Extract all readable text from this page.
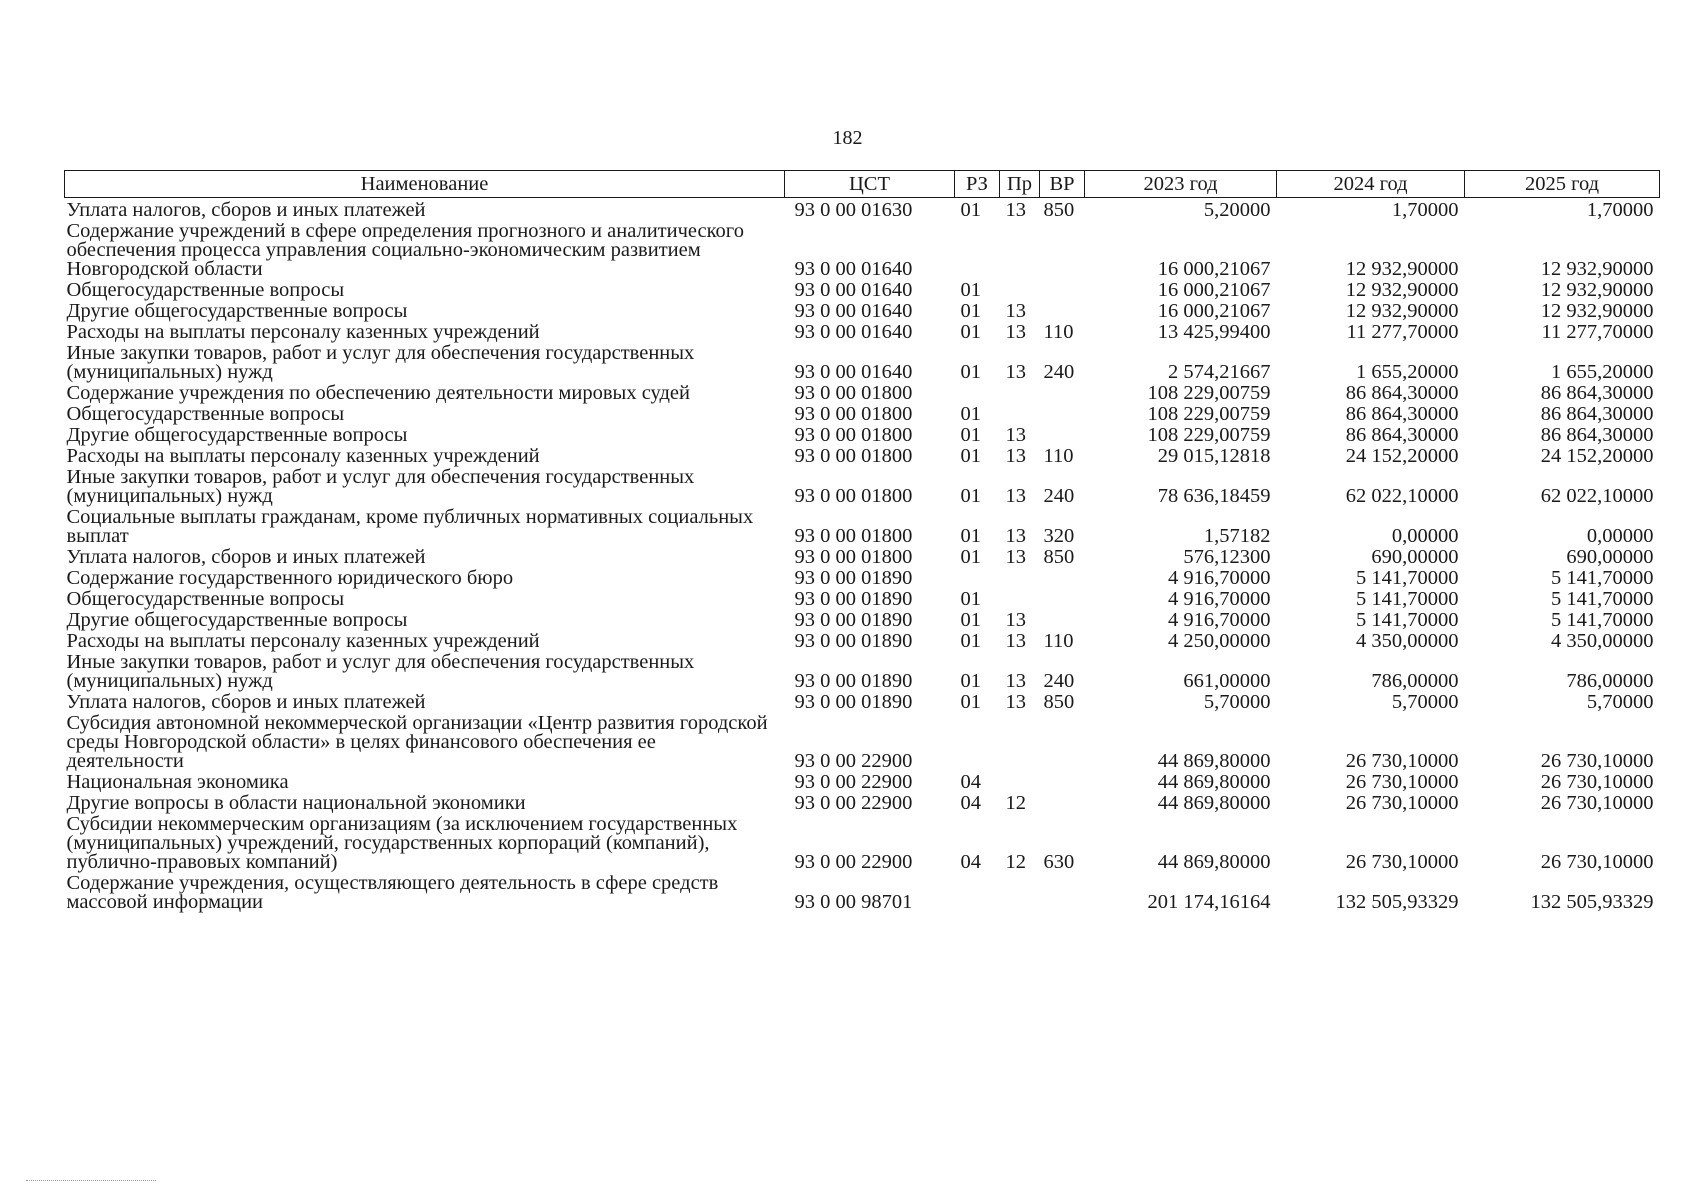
182
Наименование	ЦСТ	РЗ	Пр	ВР	2023 год	2024 год	2025 год
Уплата налогов, сборов и иных платежей	93 0 00 01630	01	13	850	5,20000	1,70000	1,70000
Содержание учреждений в сфере определения прогнозного и аналитического обеспечения процесса управления социально-экономическим развитием Новгородской области	93 0 00 01640				16 000,21067	12 932,90000	12 932,90000
Общегосударственные вопросы	93 0 00 01640	01			16 000,21067	12 932,90000	12 932,90000
Другие общегосударственные вопросы	93 0 00 01640	01	13		16 000,21067	12 932,90000	12 932,90000
Расходы на выплаты персоналу казенных учреждений	93 0 00 01640	01	13	110	13 425,99400	11 277,70000	11 277,70000
Иные закупки товаров, работ и услуг для обеспечения государственных (муниципальных) нужд	93 0 00 01640	01	13	240	2 574,21667	1 655,20000	1 655,20000
Содержание учреждения по обеспечению деятельности мировых судей	93 0 00 01800				108 229,00759	86 864,30000	86 864,30000
Общегосударственные вопросы	93 0 00 01800	01			108 229,00759	86 864,30000	86 864,30000
Другие общегосударственные вопросы	93 0 00 01800	01	13		108 229,00759	86 864,30000	86 864,30000
Расходы на выплаты персоналу казенных учреждений	93 0 00 01800	01	13	110	29 015,12818	24 152,20000	24 152,20000
Иные закупки товаров, работ и услуг для обеспечения государственных (муниципальных) нужд	93 0 00 01800	01	13	240	78 636,18459	62 022,10000	62 022,10000
Социальные выплаты гражданам, кроме публичных нормативных социальных выплат	93 0 00 01800	01	13	320	1,57182	0,00000	0,00000
Уплата налогов, сборов и иных платежей	93 0 00 01800	01	13	850	576,12300	690,00000	690,00000
Содержание государственного юридического бюро	93 0 00 01890				4 916,70000	5 141,70000	5 141,70000
Общегосударственные вопросы	93 0 00 01890	01			4 916,70000	5 141,70000	5 141,70000
Другие общегосударственные вопросы	93 0 00 01890	01	13		4 916,70000	5 141,70000	5 141,70000
Расходы на выплаты персоналу казенных учреждений	93 0 00 01890	01	13	110	4 250,00000	4 350,00000	4 350,00000
Иные закупки товаров, работ и услуг для обеспечения государственных (муниципальных) нужд	93 0 00 01890	01	13	240	661,00000	786,00000	786,00000
Уплата налогов, сборов и иных платежей	93 0 00 01890	01	13	850	5,70000	5,70000	5,70000
Субсидия автономной некоммерческой организации «Центр развития городской среды Новгородской области» в целях финансового обеспечения ее деятельности	93 0 00 22900				44 869,80000	26 730,10000	26 730,10000
Национальная экономика	93 0 00 22900	04			44 869,80000	26 730,10000	26 730,10000
Другие вопросы в области национальной экономики	93 0 00 22900	04	12		44 869,80000	26 730,10000	26 730,10000
Субсидии некоммерческим организациям (за исключением государственных (муниципальных) учреждений, государственных корпораций (компаний), публично-правовых компаний)	93 0 00 22900	04	12	630	44 869,80000	26 730,10000	26 730,10000
Содержание учреждения, осуществляющего деятельность в сфере средств массовой информации	93 0 00 98701				201 174,16164	132 505,93329	132 505,93329
